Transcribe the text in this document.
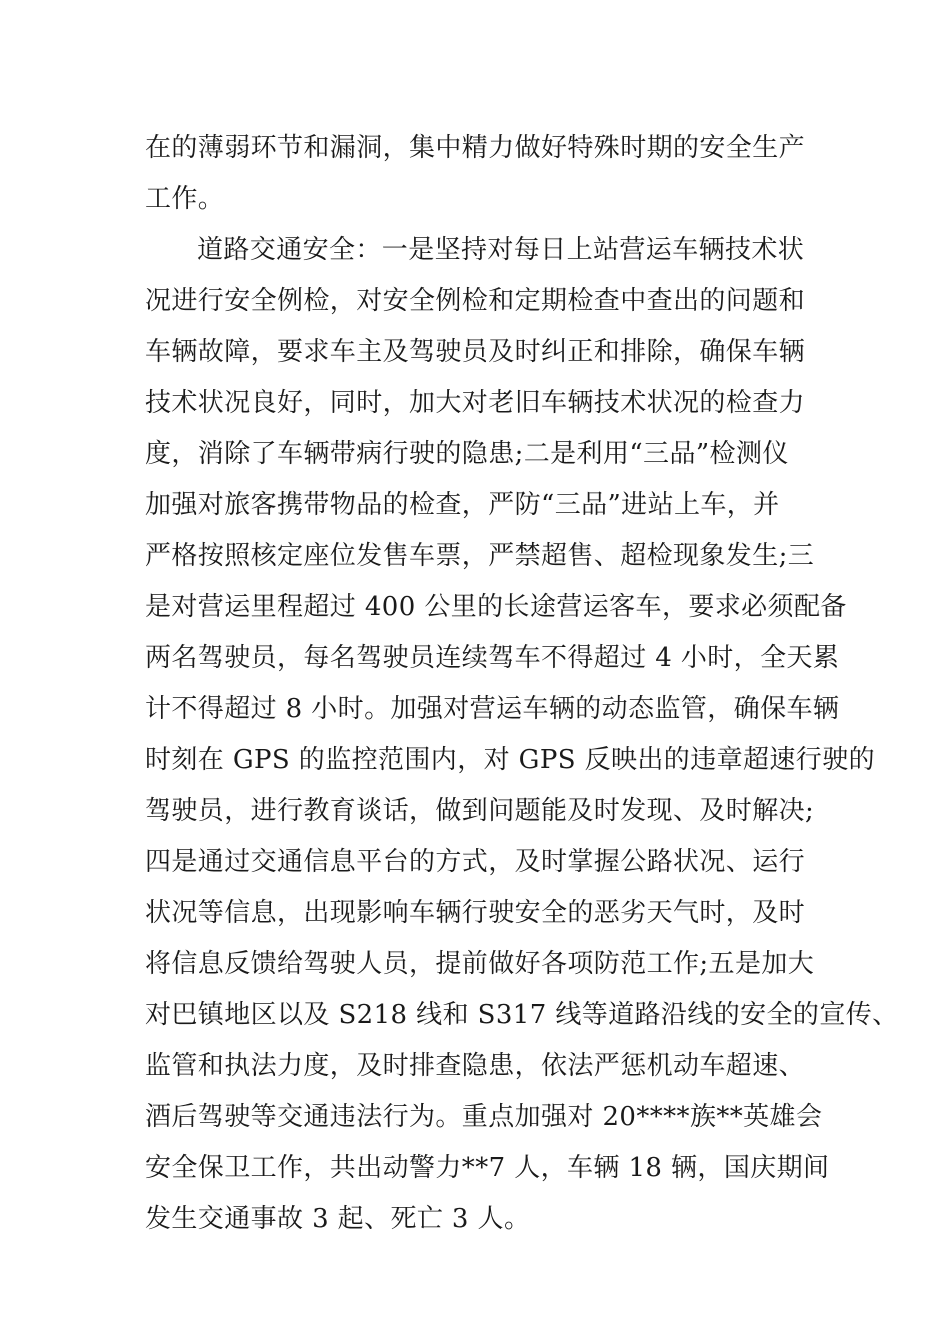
在的薄弱环节和漏洞，集中精力做好特殊时期的安全生产
工作。
道路交通安全：一是坚持对每日上站营运车辆技术状
况进行安全例检，对安全例检和定期检查中查出的问题和
车辆故障，要求车主及驾驶员及时纠正和排除，确保车辆
技术状况良好，同时，加大对老旧车辆技术状况的检查力
度，消除了车辆带病行驶的隐患;二是利用“三品”检测仪
加强对旅客携带物品的检查，严防“三品”进站上车，并
严格按照核定座位发售车票，严禁超售、超检现象发生;三
是对营运里程超过 400 公里的长途营运客车，要求必须配备
两名驾驶员，每名驾驶员连续驾车不得超过 4 小时，全天累
计不得超过 8 小时。加强对营运车辆的动态监管，确保车辆
时刻在 GPS 的监控范围内，对 GPS 反映出的违章超速行驶的
驾驶员，进行教育谈话，做到问题能及时发现、及时解决;
四是通过交通信息平台的方式，及时掌握公路状况、运行
状况等信息，出现影响车辆行驶安全的恶劣天气时，及时
将信息反馈给驾驶人员，提前做好各项防范工作;五是加大
对巴镇地区以及 S218 线和 S317 线等道路沿线的安全的宣传、
监管和执法力度，及时排查隐患，依法严惩机动车超速、
酒后驾驶等交通违法行为。重点加强对 20****族**英雄会
安全保卫工作，共出动警力**7 人，车辆 18 辆，国庆期间
发生交通事故 3 起、死亡 3 人。
